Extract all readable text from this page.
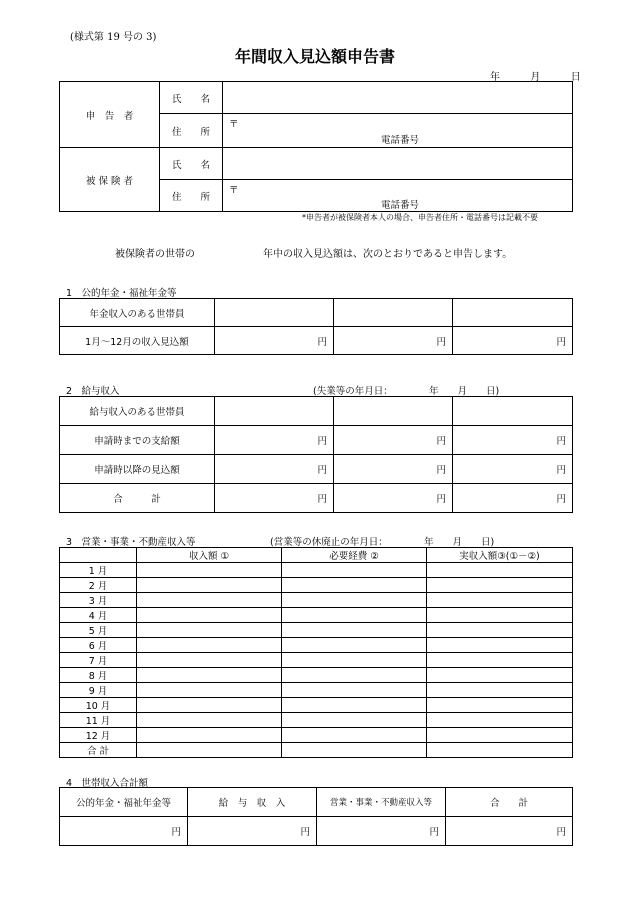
(様式第 19 号の 3)
年間収入見込額申告書
年	月	日
申　告　者	氏　　名	
	住　　所	〒
電話番号

被 保 険 者	氏　　名	
	住　　所	〒
電話番号
*申告者が被保険者本人の場合、申告者住所・電話番号は記載不要
被保険者の世帯の	年中の収入見込額は、次のとおりであると申告します。
1　公的年金・福祉年金等
年金収入のある世帯員			
1月～12月の収入見込額	円	円	円
2　給与収入	(失業等の年月日：　　　　 年　　月　　日)
給与収入のある世帯員			
申請時までの支給額	円	円	円
申請時以降の見込額	円	円	円
合　　　計	円	円	円
3　営業・事業・不動産収入等	(営業等の休廃止の年月日：　　　　 年　　月　　日)
	収入額 ①	必要経費 ②	実収入額③(①－②)
1 月			
2 月			
3 月			
4 月			
5 月			
6 月			
7 月			
8 月			
9 月			
10 月			
11 月			
12 月			
合 計			
4　世帯収入合計額
公的年金・福祉年金等	給　与　収　入	営業・事業・不動産収入等	合　　計
円	円	円	円
